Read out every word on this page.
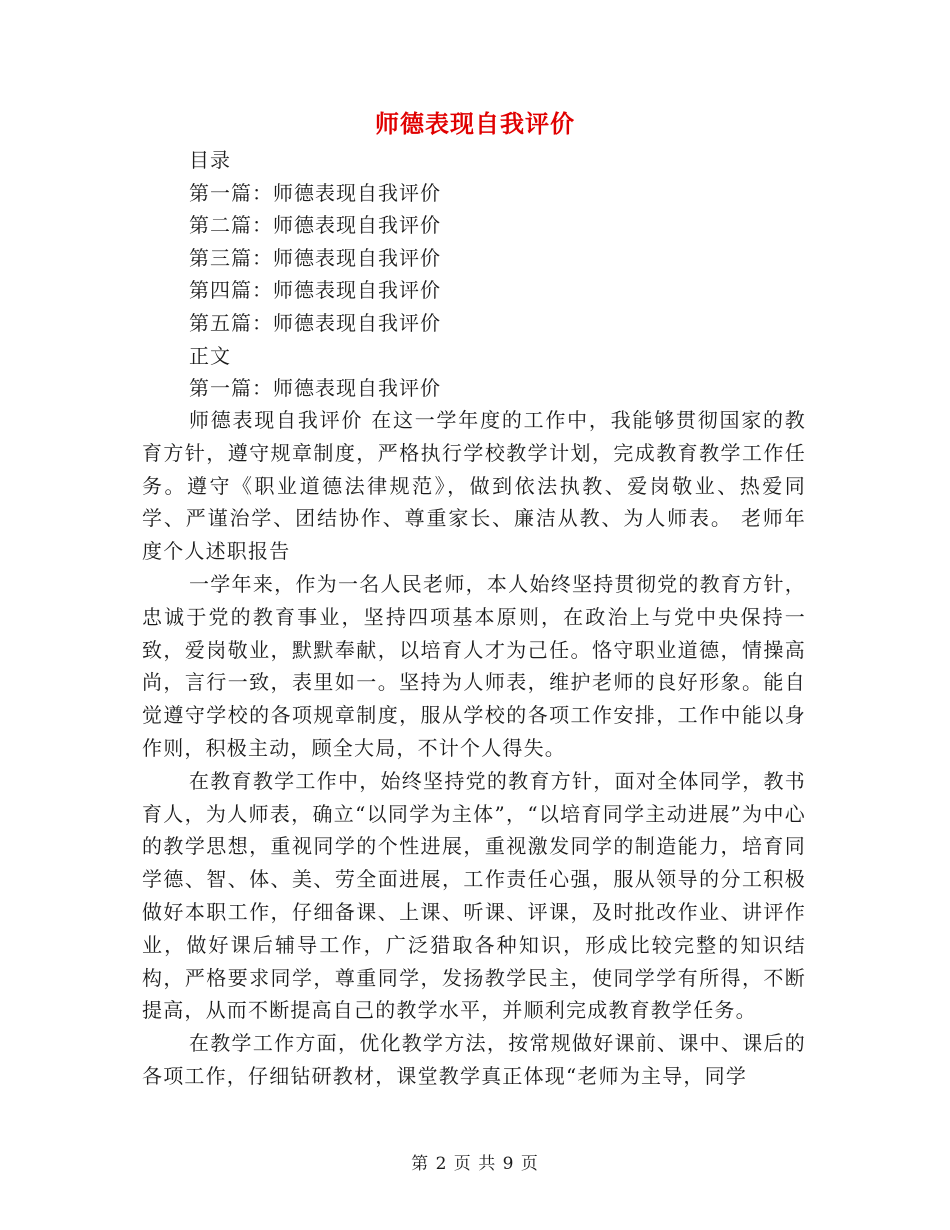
师德表现自我评价
目录
第一篇：师德表现自我评价
第二篇：师德表现自我评价
第三篇：师德表现自我评价
第四篇：师德表现自我评价
第五篇：师德表现自我评价
正文
第一篇：师德表现自我评价

师德表现自我评价 在这一学年度的工作中，我能够贯彻国家的教育方针，遵守规章制度，严格执行学校教学计划，完成教育教学工作任务。遵守《职业道德法律规范》，做到依法执教、爱岗敬业、热爱同学、严谨治学、团结协作、尊重家长、廉洁从教、为人师表。 老师年度个人述职报告

一学年来，作为一名人民老师，本人始终坚持贯彻党的教育方针，忠诚于党的教育事业，坚持四项基本原则，在政治上与党中央保持一致，爱岗敬业，默默奉献，以培育人才为己任。恪守职业道德，情操高尚，言行一致，表里如一。坚持为人师表，维护老师的良好形象。能自觉遵守学校的各项规章制度，服从学校的各项工作安排，工作中能以身作则，积极主动，顾全大局，不计个人得失。

在教育教学工作中，始终坚持党的教育方针，面对全体同学，教书育人，为人师表，确立“以同学为主体”，“以培育同学主动进展”为中心的教学思想，重视同学的个性进展，重视激发同学的制造能力，培育同学德、智、体、美、劳全面进展，工作责任心强，服从领导的分工积极做好本职工作，仔细备课、上课、听课、评课，及时批改作业、讲评作业，做好课后辅导工作，广泛猎取各种知识，形成比较完整的知识结构，严格要求同学，尊重同学，发扬教学民主，使同学学有所得，不断提高，从而不断提高自己的教学水平，并顺利完成教育教学任务。

在教学工作方面，优化教学方法，按常规做好课前、课中、课后的各项工作，仔细钻研教材，课堂教学真正体现“老师为主导，同学

第 2 页 共 9 页
